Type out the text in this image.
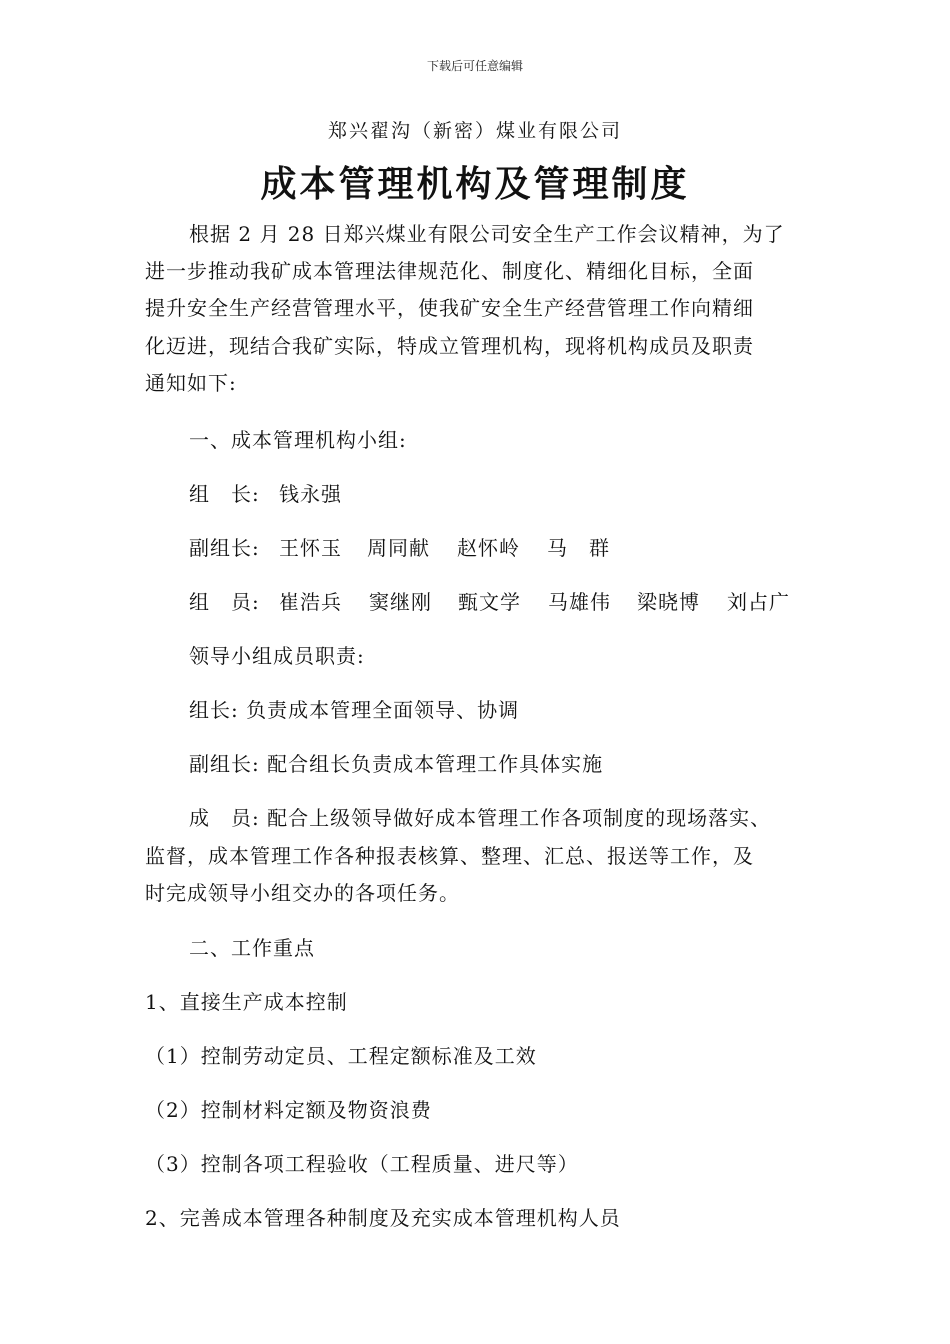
下载后可任意编辑
郑兴翟沟（新密）煤业有限公司
成本管理机构及管理制度
根据 2 月 28 日郑兴煤业有限公司安全生产工作会议精神，为了
进一步推动我矿成本管理法律规范化、制度化、精细化目标，全面
提升安全生产经营管理水平，使我矿安全生产经营管理工作向精细
化迈进，现结合我矿实际，特成立管理机构，现将机构成员及职责
通知如下:
一、成本管理机构小组:
组　长: 钱永强
副组长: 王怀玉 周同献 赵怀岭 马　群
组　员: 崔浩兵 窦继刚 甄文学 马雄伟 梁晓博 刘占广
领导小组成员职责:
组长: 负责成本管理全面领导、协调
副组长: 配合组长负责成本管理工作具体实施
成　员: 配合上级领导做好成本管理工作各项制度的现场落实、
监督，成本管理工作各种报表核算、整理、汇总、报送等工作，及
时完成领导小组交办的各项任务。
二、工作重点
1、直接生产成本控制
（1）控制劳动定员、工程定额标准及工效
（2）控制材料定额及物资浪费
（3）控制各项工程验收（工程质量、进尺等）
2、完善成本管理各种制度及充实成本管理机构人员
